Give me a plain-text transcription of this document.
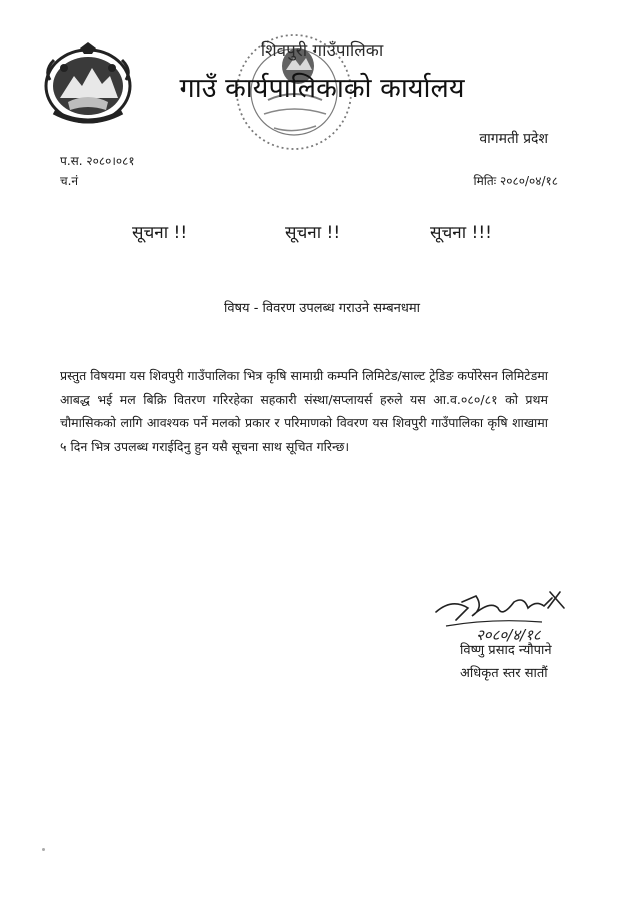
शिवपुरी गाउँपालिका
गाउँ कार्यपालिकाको कार्यालय
वागमती प्रदेश
प.स. २०८०।०८१
च.नं	मितिः २०८०/०४/१८
सूचना !!	सूचना !!	सूचना !!!
विषय - विवरण उपलब्ध गराउने सम्बनधमा

प्रस्तुत विषयमा यस शिवपुरी गाउँपालिका भित्र कृषि सामाग्री कम्पनि लिमिटेड/साल्ट ट्रेडिङ कर्पोरेसन लिमिटेडमा आबद्ध भई मल बिक्रि वितरण गरिरहेका सहकारी संस्था/सप्लायर्स हरुले यस आ.व.०८०/८१ को प्रथम चौमासिकको लागि आवश्यक पर्ने मलको प्रकार र परिमाणको विवरण यस शिवपुरी गाउँपालिका कृषि शाखामा ५ दिन भित्र उपलब्ध गराईदिनु हुन यसै सूचना साथ सूचित गरिन्छ।

२०८०/४/१८
विष्णु प्रसाद न्यौपाने
अधिकृत स्तर सातौं
